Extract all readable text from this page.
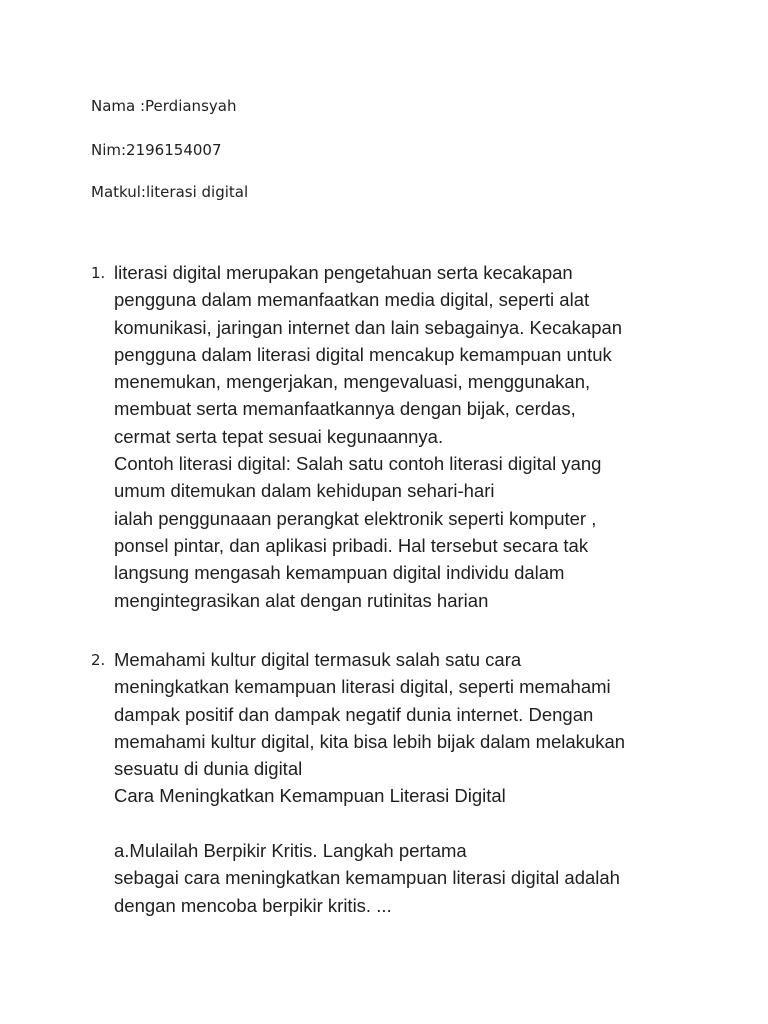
Nama :Perdiansyah
Nim:2196154007
Matkul:literasi digital
1. literasi digital merupakan pengetahuan serta kecakapan
pengguna dalam memanfaatkan media digital, seperti alat
komunikasi, jaringan internet dan lain sebagainya. Kecakapan
pengguna dalam literasi digital mencakup kemampuan untuk
menemukan, mengerjakan, mengevaluasi, menggunakan,
membuat serta memanfaatkannya dengan bijak, cerdas,
cermat serta tepat sesuai kegunaannya.
Contoh literasi digital: Salah satu contoh literasi digital yang
umum ditemukan dalam kehidupan sehari-hari
ialah penggunaaan perangkat elektronik seperti komputer ,
ponsel pintar, dan aplikasi pribadi. Hal tersebut secara tak
langsung mengasah kemampuan digital individu dalam
mengintegrasikan alat dengan rutinitas harian
2. Memahami kultur digital termasuk salah satu cara
meningkatkan kemampuan literasi digital, seperti memahami
dampak positif dan dampak negatif dunia internet. Dengan
memahami kultur digital, kita bisa lebih bijak dalam melakukan
sesuatu di dunia digital
Cara Meningkatkan Kemampuan Literasi Digital
a.Mulailah Berpikir Kritis. Langkah pertama
sebagai cara meningkatkan kemampuan literasi digital adalah
dengan mencoba berpikir kritis. ...
